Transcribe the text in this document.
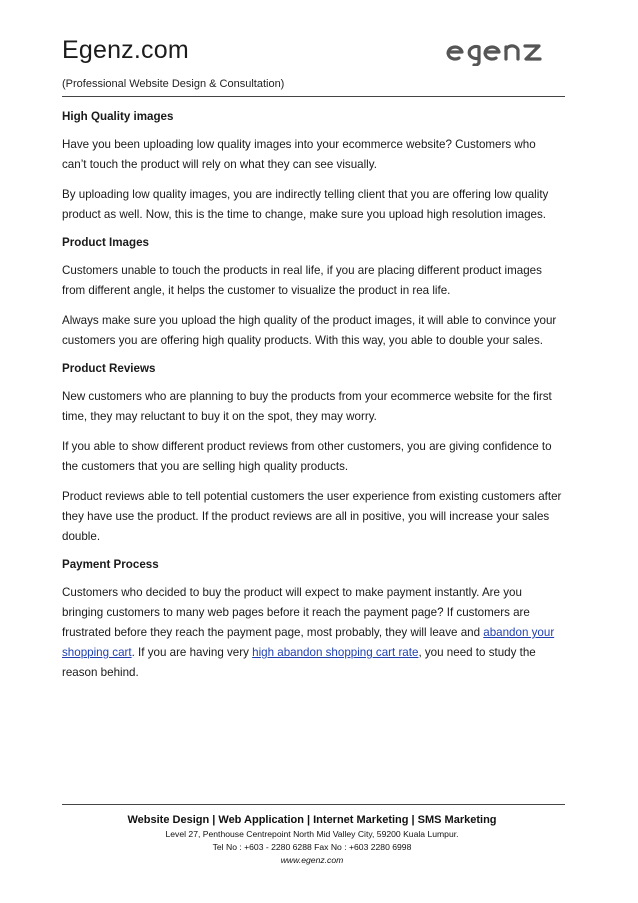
Egenz.com
(Professional Website Design & Consultation)
High Quality images

Have you been uploading low quality images into your ecommerce website? Customers who can’t touch the product will rely on what they can see visually.

By uploading low quality images, you are indirectly telling client that you are offering low quality product as well. Now, this is the time to change, make sure you upload high resolution images.

Product Images

Customers unable to touch the products in real life, if you are placing different product images from different angle, it helps the customer to visualize the product in rea life.

Always make sure you upload the high quality of the product images, it will able to convince your customers you are offering high quality products. With this way, you able to double your sales.

Product Reviews

New customers who are planning to buy the products from your ecommerce website for the first time, they may reluctant to buy it on the spot, they may worry.

If you able to show different product reviews from other customers, you are giving confidence to the customers that you are selling high quality products.

Product reviews able to tell potential customers the user experience from existing customers after they have use the product. If the product reviews are all in positive, you will increase your sales double.

Payment Process

Customers who decided to buy the product will expect to make payment instantly. Are you bringing customers to many web pages before it reach the payment page? If customers are frustrated before they reach the payment page, most probably, they will leave and abandon your shopping cart. If you are having very high abandon shopping cart rate, you need to study the reason behind.

Website Design | Web Application | Internet Marketing | SMS Marketing
Level 27, Penthouse Centrepoint North Mid Valley City, 59200 Kuala Lumpur.
Tel No : +603 - 2280 6288 Fax No : +603 2280 6998
www.egenz.com
